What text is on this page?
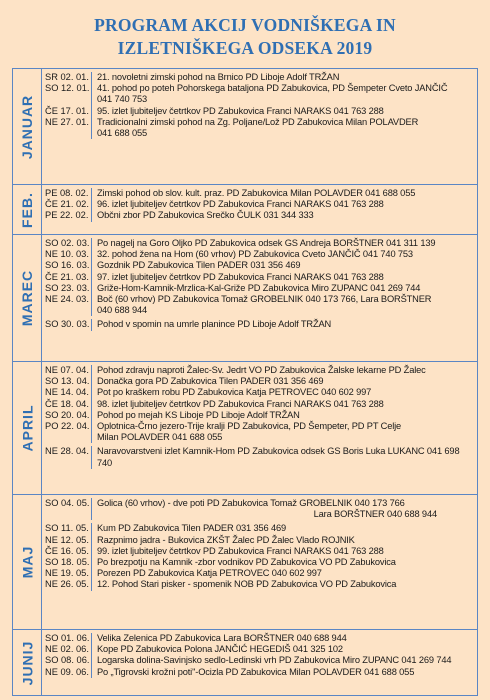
PROGRAM AKCIJ VODNIŠKEGA IN
IZLETNIŠKEGA ODSEKA 2019
JANUAR
SR 02. 01. 21. novoletni zimski pohod na Brnico PD Liboje Adolf TRŽAN
SO 12. 01. 41. pohod po poteh Pohorskega bataljona PD Zabukovica, PD Šempeter Cveto JANČIČ
041 740 753
ČE 17. 01. 95. izlet ljubiteljev četrtkov PD Zabukovica Franci NARAKS 041 763 288
NE 27. 01. Tradicionalni zimski pohod na Zg. Poljane/Lož PD Zabukovica Milan POLAVDER
041 688 055
FEB.	PE 08. 02. Zimski pohod ob slov. kult. praz. PD Zabukovica Milan POLAVDER 041 688 055
ČE 21. 02. 96. izlet ljubiteljev četrtkov PD Zabukovica Franci NARAKS 041 763 288
PE 22. 02. Občni zbor PD Zabukovica Srečko ČULK 031 344 333
MAREC
SO 02. 03. Po nagelj na Goro Oljko PD Zabukovica odsek GS Andreja BORŠTNER 041 311 139
NE 10. 03. 32. pohod žena na Hom (60 vrhov) PD Zabukovica Cveto JANČIČ 041 740 753
SO 16. 03. Gozdnik PD Zabukovica Tilen PADER 031 356 469
ČE 21. 03. 97. izlet ljubiteljev četrtkov PD Zabukovica Franci NARAKS 041 763 288
SO 23. 03. Griže-Hom-Kamnik-Mrzlica-Kal-Griže PD Zabukovica Miro ZUPANC 041 269 744
NE 24. 03. Boč (60 vrhov) PD Zabukovica Tomaž GROBELNIK 040 173 766, Lara BORŠTNER
040 688 944
SO 30. 03. Pohod v spomin na umrle planince PD Liboje Adolf TRŽAN
APRIL
NE 07. 04. Pohod zdravju naproti Žalec-Sv. Jedrt VO PD Zabukovica Žalske lekarne PD Žalec
SO 13. 04. Donačka gora PD Zabukovica Tilen PADER 031 356 469
NE 14. 04. Pot po kraškem robu PD Zabukovica Katja PETROVEC 040 602 997
ČE 18. 04. 98. izlet ljubiteljev četrtkov PD Zabukovica Franci NARAKS 041 763 288
SO 20. 04. Pohod po mejah KS Liboje PD Liboje Adolf TRŽAN
PO 22. 04. Oplotnica-Črno jezero-Trije kralji PD Zabukovica, PD Šempeter, PD PT Celje
Milan POLAVDER 041 688 055
NE 28. 04. Naravovarstveni izlet Kamnik-Hom PD Zabukovica odsek GS Boris Luka LUKANC 041 698 740
MAJ
SO 04. 05. Golica (60 vrhov) - dve poti PD Zabukovica Tomaž GROBELNIK 040 173 766
Lara BORŠTNER 040 688 944
SO 11. 05. Kum PD Zabukovica Tilen PADER 031 356 469
NE 12. 05. Razpnimo jadra - Bukovica ZKŠT Žalec PD Žalec Vlado ROJNIK
ČE 16. 05. 99. izlet ljubiteljev četrtkov PD Zabukovica Franci NARAKS 041 763 288
SO 18. 05. Po brezpotju na Kamnik -zbor vodnikov PD Zabukovica VO PD Zabukovica
NE 19. 05. Porezen PD Zabukovica Katja PETROVEC 040 602 997
NE 26. 05. 12. Pohod Stari pisker - spomenik NOB PD Zabukovica VO PD Zabukovica
JUNIJ
SO 01. 06. Velika Zelenica PD Zabukovica Lara BORŠTNER 040 688 944
NE 02. 06. Kope PD Zabukovica Polona JANČIĆ HEGEDIŠ 041 325 102
SO 08. 06. Logarska dolina-Savinjsko sedlo-Ledinski vrh PD Zabukovica Miro ZUPANC 041 269 744
NE 09. 06. Po „Tigrovski krožni poti"-Ocizla PD Zabukovica Milan POLAVDER 041 688 055
